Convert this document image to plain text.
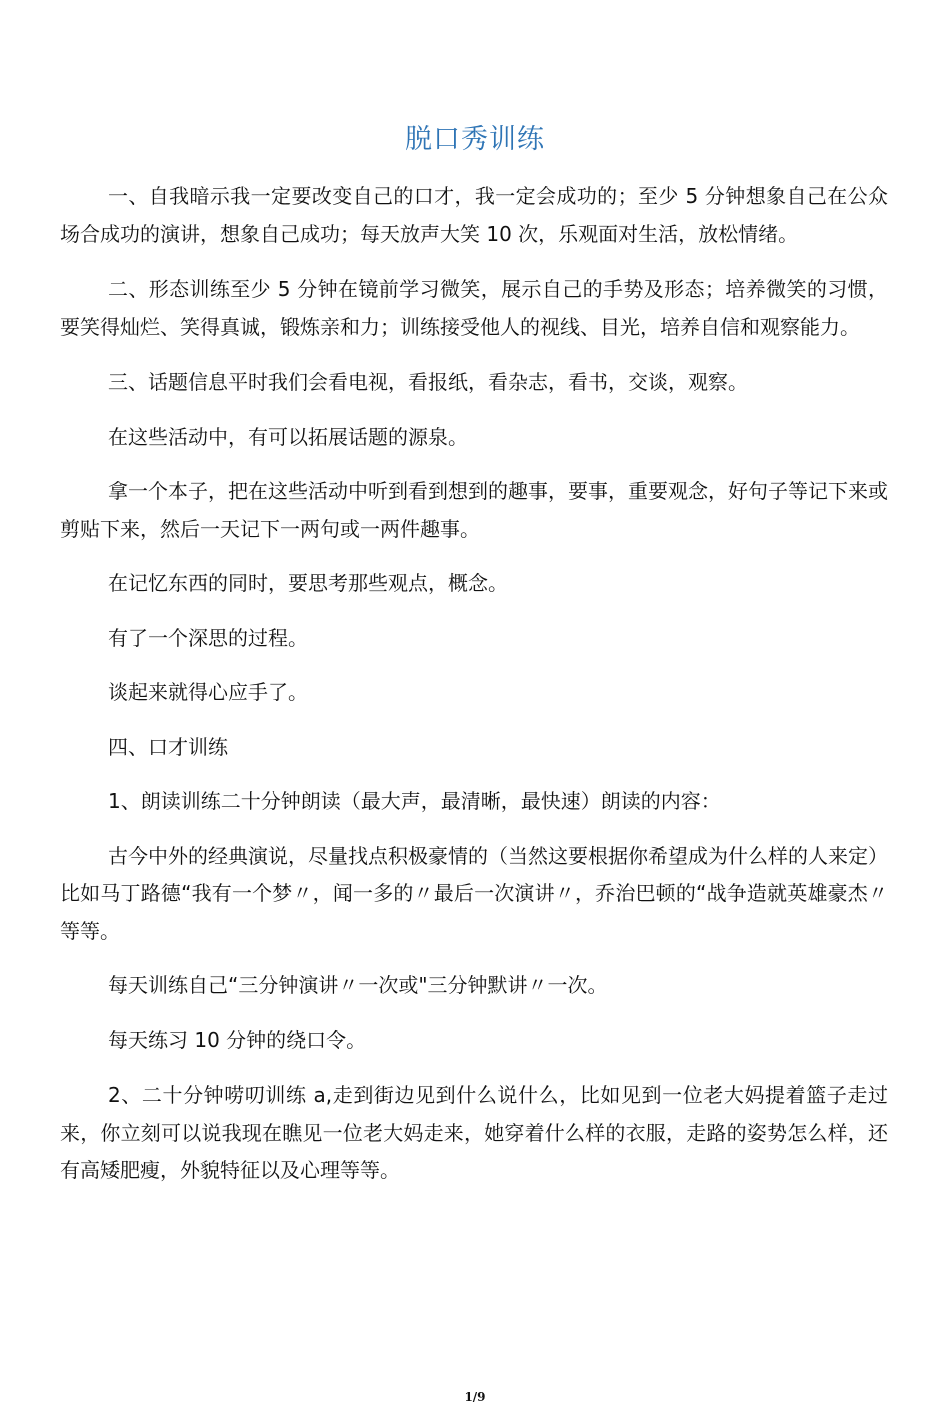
脱口秀训练

一、自我暗示我一定要改变自己的口才，我一定会成功的；至少 5 分钟想象自己在公众场合成功的演讲，想象自己成功；每天放声大笑 10 次，乐观面对生活，放松情绪。

二、形态训练至少 5 分钟在镜前学习微笑，展示自己的手势及形态；培养微笑的习惯，要笑得灿烂、笑得真诚，锻炼亲和力；训练接受他人的视线、目光，培养自信和观察能力。

三、话题信息平时我们会看电视，看报纸，看杂志，看书，交谈，观察。

在这些活动中，有可以拓展话题的源泉。

拿一个本子，把在这些活动中听到看到想到的趣事，要事，重要观念，好句子等记下来或剪贴下来，然后一天记下一两句或一两件趣事。

在记忆东西的同时，要思考那些观点，概念。

有了一个深思的过程。

谈起来就得心应手了。

四、口才训练

1、朗读训练二十分钟朗读（最大声，最清晰，最快速）朗读的内容：

古今中外的经典演说，尽量找点积极豪情的（当然这要根据你希望成为什么样的人来定）比如马丁路德“我有一个梦〃，闻一多的〃最后一次演讲〃，乔治巴顿的“战争造就英雄豪杰〃等等。

每天训练自己“三分钟演讲〃一次或"三分钟默讲〃一次。

每天练习 10 分钟的绕口令。

2、二十分钟唠叨训练 a,走到街边见到什么说什么，比如见到一位老大妈提着篮子走过来，你立刻可以说我现在瞧见一位老大妈走来，她穿着什么样的衣服，走路的姿势怎么样，还有高矮肥瘦，外貌特征以及心理等等。

1/9
